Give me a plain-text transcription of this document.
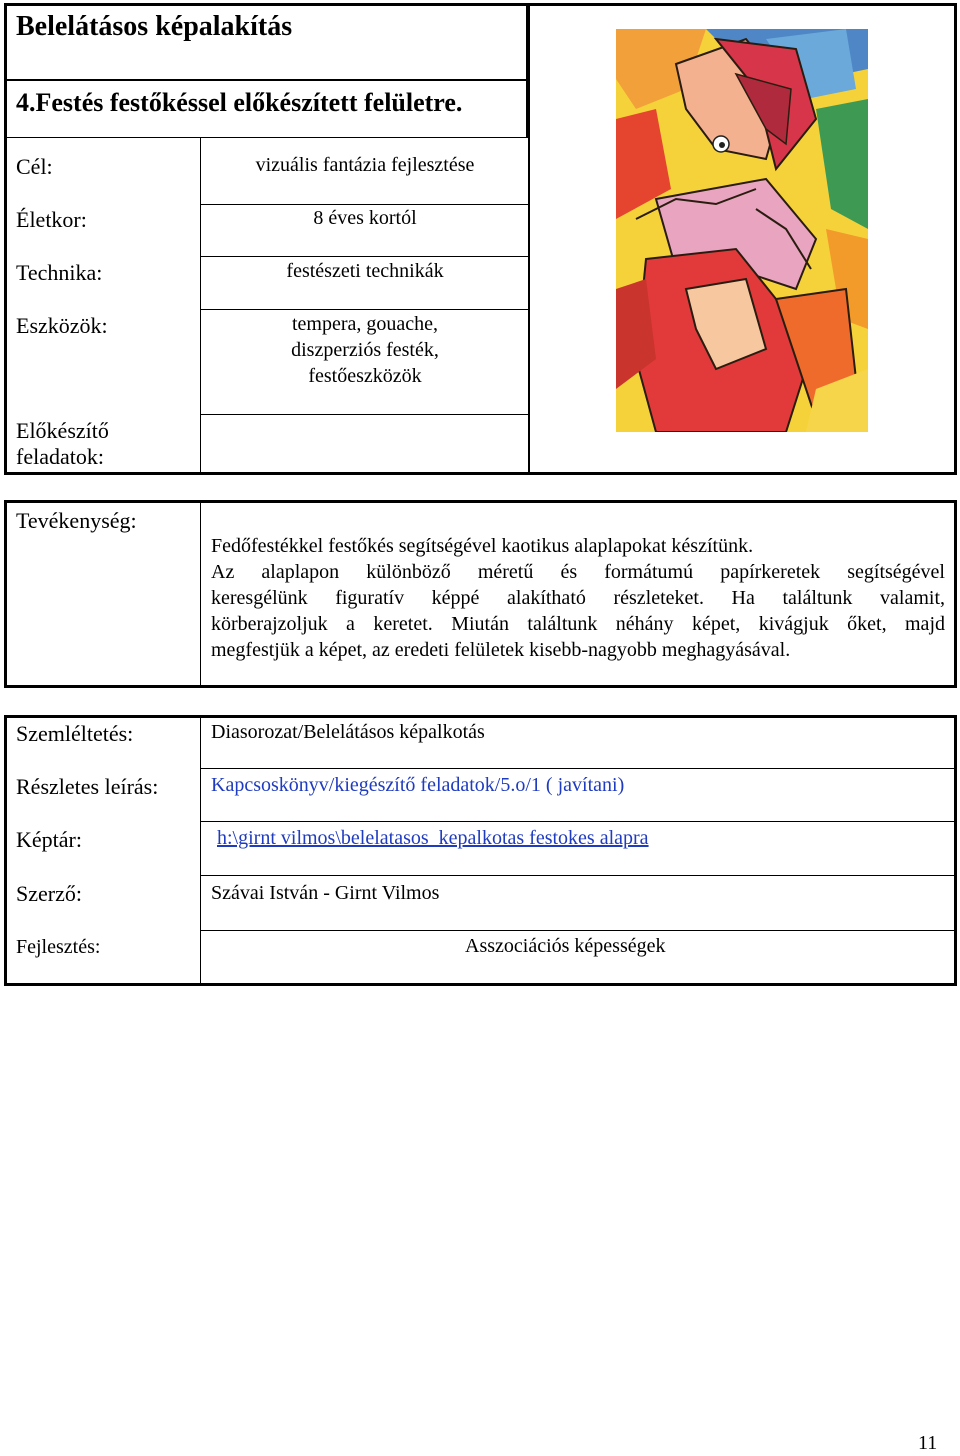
Belelátásos képalakítás
4.Festés festőkéssel előkészített felületre.
Cél:	vizuális fantázia fejlesztése
Életkor:	8 éves kortól
Technika:	festészeti technikák
Eszközök:	tempera, gouache,
diszperziós festék,
festőeszközök
Előkészítő
feladatok:
Tevékenység:
Fedőfestékkel festőkés segítségével kaotikus alaplapokat készítünk.
Az alaplapon különböző méretű és formátumú papírkeretek segítségével
keresgélünk figuratív képpé alakítható részleteket. Ha találtunk valamit,
körberajzoljuk a keretet. Miután találtunk néhány képet, kivágjuk őket, majd
megfestjük a képet, az eredeti felületek kisebb-nagyobb meghagyásával.
Szemléltetés:	Diasorozat/Belelátásos képalkotás
Részletes leírás:	Kapcsoskönyv/kiegészítő feladatok/5.o/1 ( javítani)
Képtár:	h:\girnt vilmos\belelatasos_kepalkotas festokes alapra
Szerző:	Szávai István - Girnt Vilmos
Fejlesztés:	Asszociációs képességek
11
